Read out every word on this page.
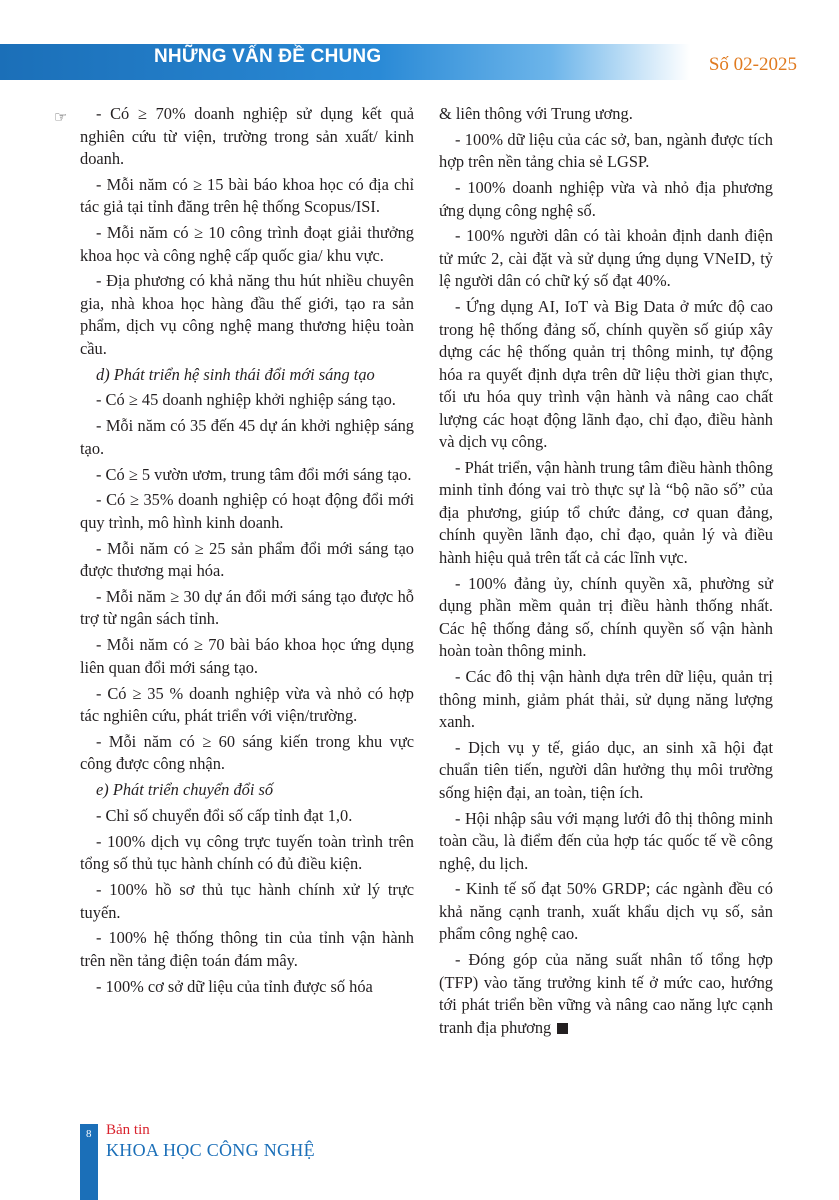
NHỮNG VẤN ĐỀ CHUNG	Số 02-2025
☞	- Có ≥ 70% doanh nghiệp sử dụng kết quả nghiên cứu từ viện, trường trong sản xuất/ kinh doanh.

- Mỗi năm có ≥ 15 bài báo khoa học có địa chỉ tác giả tại tỉnh đăng trên hệ thống Scopus/ISI.

- Mỗi năm có ≥ 10 công trình đoạt giải thưởng khoa học và công nghệ cấp quốc gia/ khu vực.

- Địa phương có khả năng thu hút nhiều chuyên gia, nhà khoa học hàng đầu thế giới, tạo ra sản phẩm, dịch vụ công nghệ mang thương hiệu toàn cầu.

d) Phát triển hệ sinh thái đổi mới sáng tạo

- Có ≥ 45 doanh nghiệp khởi nghiệp sáng tạo.

- Mỗi năm có 35 đến 45 dự án khởi nghiệp sáng tạo.

- Có ≥ 5 vườn ươm, trung tâm đổi mới sáng tạo.

- Có ≥ 35% doanh nghiệp có hoạt động đổi mới quy trình, mô hình kinh doanh.

- Mỗi năm có ≥ 25 sản phẩm đổi mới sáng tạo được thương mại hóa.

- Mỗi năm ≥ 30 dự án đổi mới sáng tạo được hỗ trợ từ ngân sách tỉnh.

- Mỗi năm có ≥ 70 bài báo khoa học ứng dụng liên quan đổi mới sáng tạo.

- Có ≥ 35 % doanh nghiệp vừa và nhỏ có hợp tác nghiên cứu, phát triển với viện/trường.

- Mỗi năm có ≥ 60 sáng kiến trong khu vực công được công nhận.

e) Phát triển chuyển đổi số

- Chỉ số chuyển đổi số cấp tỉnh đạt 1,0.

- 100% dịch vụ công trực tuyến toàn trình trên tổng số thủ tục hành chính có đủ điều kiện.

- 100% hồ sơ thủ tục hành chính xử lý trực tuyến.

- 100% hệ thống thông tin của tỉnh vận hành trên nền tảng điện toán đám mây.

- 100% cơ sở dữ liệu của tỉnh được số hóa

& liên thông với Trung ương.

- 100% dữ liệu của các sở, ban, ngành được tích hợp trên nền tảng chia sẻ LGSP.

- 100% doanh nghiệp vừa và nhỏ địa phương ứng dụng công nghệ số.

- 100% người dân có tài khoản định danh điện tử mức 2, cài đặt và sử dụng ứng dụng VNeID, tỷ lệ người dân có chữ ký số đạt 40%.

- Ứng dụng AI, IoT và Big Data ở mức độ cao trong hệ thống đảng số, chính quyền số giúp xây dựng các hệ thống quản trị thông minh, tự động hóa ra quyết định dựa trên dữ liệu thời gian thực, tối ưu hóa quy trình vận hành và nâng cao chất lượng các hoạt động lãnh đạo, chỉ đạo, điều hành và dịch vụ công.

- Phát triển, vận hành trung tâm điều hành thông minh tỉnh đóng vai trò thực sự là “bộ não số” của địa phương, giúp tổ chức đảng, cơ quan đảng, chính quyền lãnh đạo, chỉ đạo, quản lý và điều hành hiệu quả trên tất cả các lĩnh vực.

- 100% đảng ủy, chính quyền xã, phường sử dụng phần mềm quản trị điều hành thống nhất. Các hệ thống đảng số, chính quyền số vận hành hoàn toàn thông minh.

- Các đô thị vận hành dựa trên dữ liệu, quản trị thông minh, giảm phát thải, sử dụng năng lượng xanh.

- Dịch vụ y tế, giáo dục, an sinh xã hội đạt chuẩn tiên tiến, người dân hưởng thụ môi trường sống hiện đại, an toàn, tiện ích.

- Hội nhập sâu với mạng lưới đô thị thông minh toàn cầu, là điểm đến của hợp tác quốc tế về công nghệ, du lịch.

- Kinh tế số đạt 50% GRDP; các ngành đều có khả năng cạnh tranh, xuất khẩu dịch vụ số, sản phẩm công nghệ cao.

- Đóng góp của năng suất nhân tố tổng hợp (TFP) vào tăng trưởng kinh tế ở mức cao, hướng tới phát triển bền vững và nâng cao năng lực cạnh tranh địa phương

8 Bản tin
KHOA HỌC CÔNG NGHỆ
